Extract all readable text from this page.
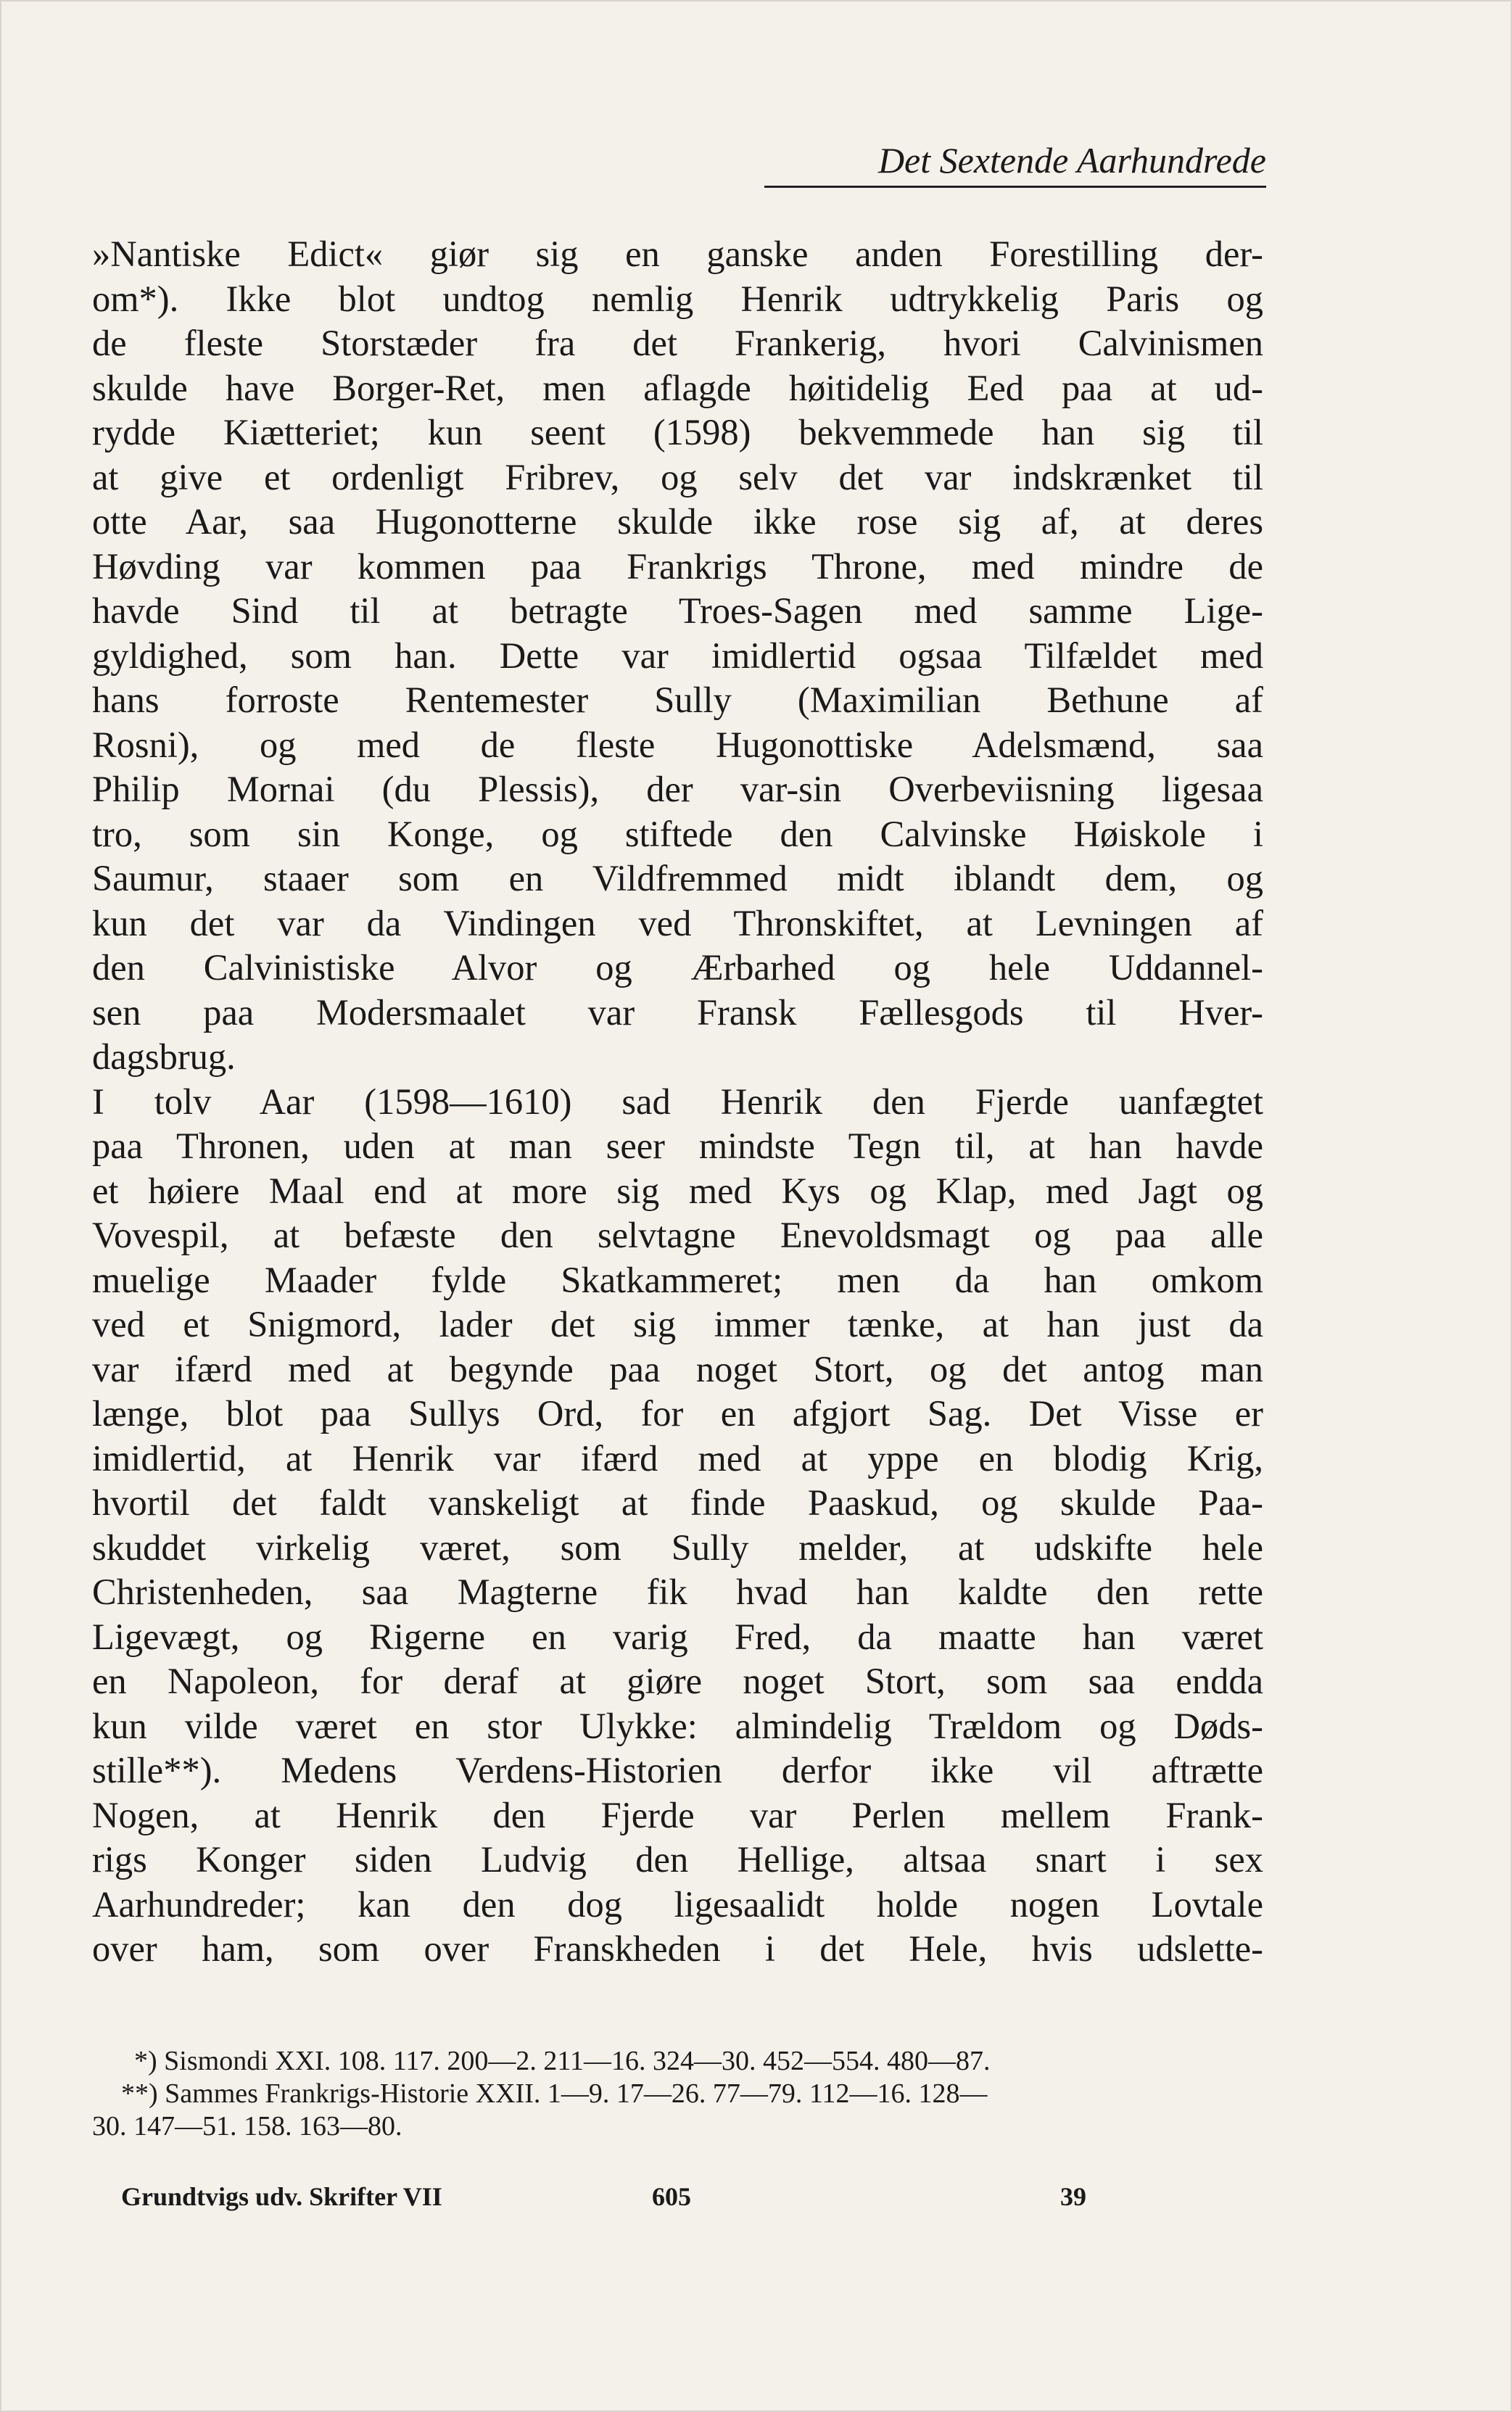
Det Sextende Aarhundrede
»Nantiske Edict« giør sig en ganske anden Forestilling der-
om*). Ikke blot undtog nemlig Henrik udtrykkelig Paris og
de fleste Storstæder fra det Frankerig, hvori Calvinismen
skulde have Borger-Ret, men aflagde høitidelig Eed paa at ud-
rydde Kiætteriet; kun seent (1598) bekvemmede han sig til
at give et ordenligt Fribrev, og selv det var indskrænket til
otte Aar, saa Hugonotterne skulde ikke rose sig af, at deres
Høvding var kommen paa Frankrigs Throne, med mindre de
havde Sind til at betragte Troes-Sagen med samme Lige-
gyldighed, som han. Dette var imidlertid ogsaa Tilfældet med
hans forroste Rentemester Sully (Maximilian Bethune af
Rosni), og med de fleste Hugonottiske Adelsmænd, saa
Philip Mornai (du Plessis), der var-sin Overbeviisning ligesaa
tro, som sin Konge, og stiftede den Calvinske Høiskole i
Saumur, staaer som en Vildfremmed midt iblandt dem, og
kun det var da Vindingen ved Thronskiftet, at Levningen af
den Calvinistiske Alvor og Ærbarhed og hele Uddannel-
sen paa Modersmaalet var Fransk Fællesgods til Hver-
dagsbrug.
I tolv Aar (1598—1610) sad Henrik den Fjerde uanfægtet
paa Thronen, uden at man seer mindste Tegn til, at han havde
et høiere Maal end at more sig med Kys og Klap, med Jagt og
Vovespil, at befæste den selvtagne Enevoldsmagt og paa alle
muelige Maader fylde Skatkammeret; men da han omkom
ved et Snigmord, lader det sig immer tænke, at han just da
var ifærd med at begynde paa noget Stort, og det antog man
længe, blot paa Sullys Ord, for en afgjort Sag. Det Visse er
imidlertid, at Henrik var ifærd med at yppe en blodig Krig,
hvortil det faldt vanskeligt at finde Paaskud, og skulde Paa-
skuddet virkelig været, som Sully melder, at udskifte hele
Christenheden, saa Magterne fik hvad han kaldte den rette
Ligevægt, og Rigerne en varig Fred, da maatte han været
en Napoleon, for deraf at giøre noget Stort, som saa endda
kun vilde været en stor Ulykke: almindelig Trældom og Døds-
stille**). Medens Verdens-Historien derfor ikke vil aftrætte
Nogen, at Henrik den Fjerde var Perlen mellem Frank-
rigs Konger siden Ludvig den Hellige, altsaa snart i sex
Aarhundreder; kan den dog ligesaalidt holde nogen Lovtale
over ham, som over Franskheden i det Hele, hvis udslette-
*) Sismondi XXI. 108. 117. 200—2. 211—16. 324—30. 452—554. 480—87.
**) Sammes Frankrigs-Historie XXII. 1—9. 17—26. 77—79. 112—16. 128—
30. 147—51. 158. 163—80.
Grundtvigs udv. Skrifter VII	605	39
